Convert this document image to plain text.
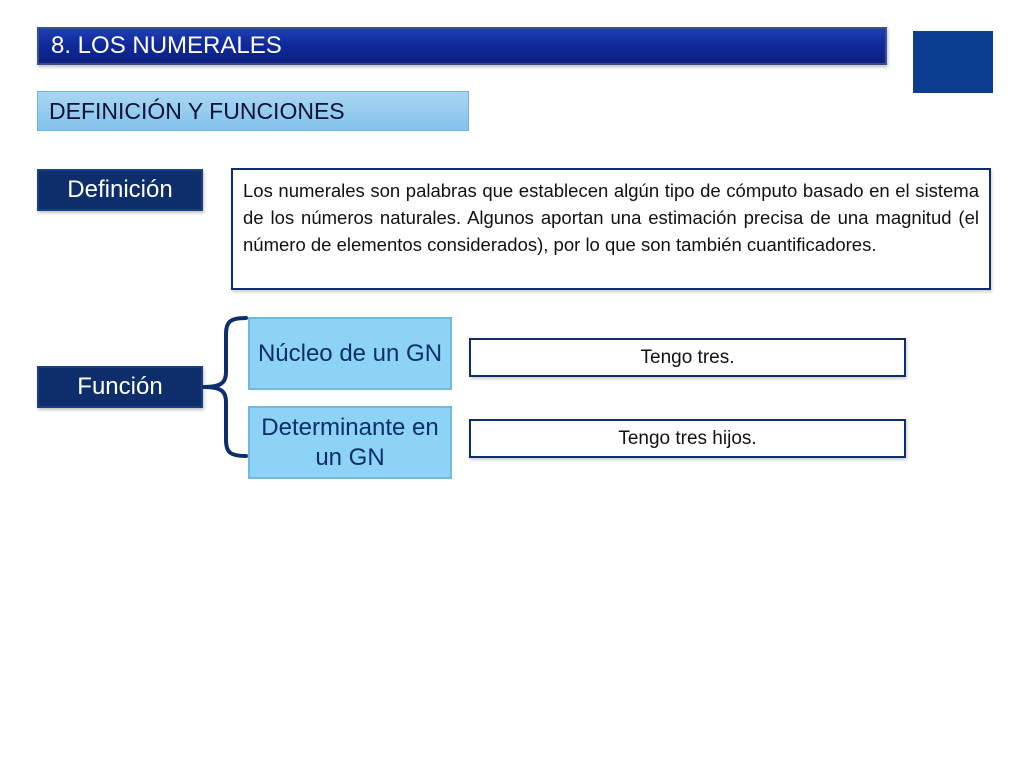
8. LOS NUMERALES
DEFINICIÓN Y FUNCIONES
Definición	Los numerales son palabras que establecen algún tipo de cómputo basado en el sistema de los números naturales. Algunos aportan una estimación precisa de una magnitud (el número de elementos considerados), por lo que son también cuantificadores.
Función
Núcleo de un GN
Determinante en un GN
Tengo tres.
Tengo tres hijos.
